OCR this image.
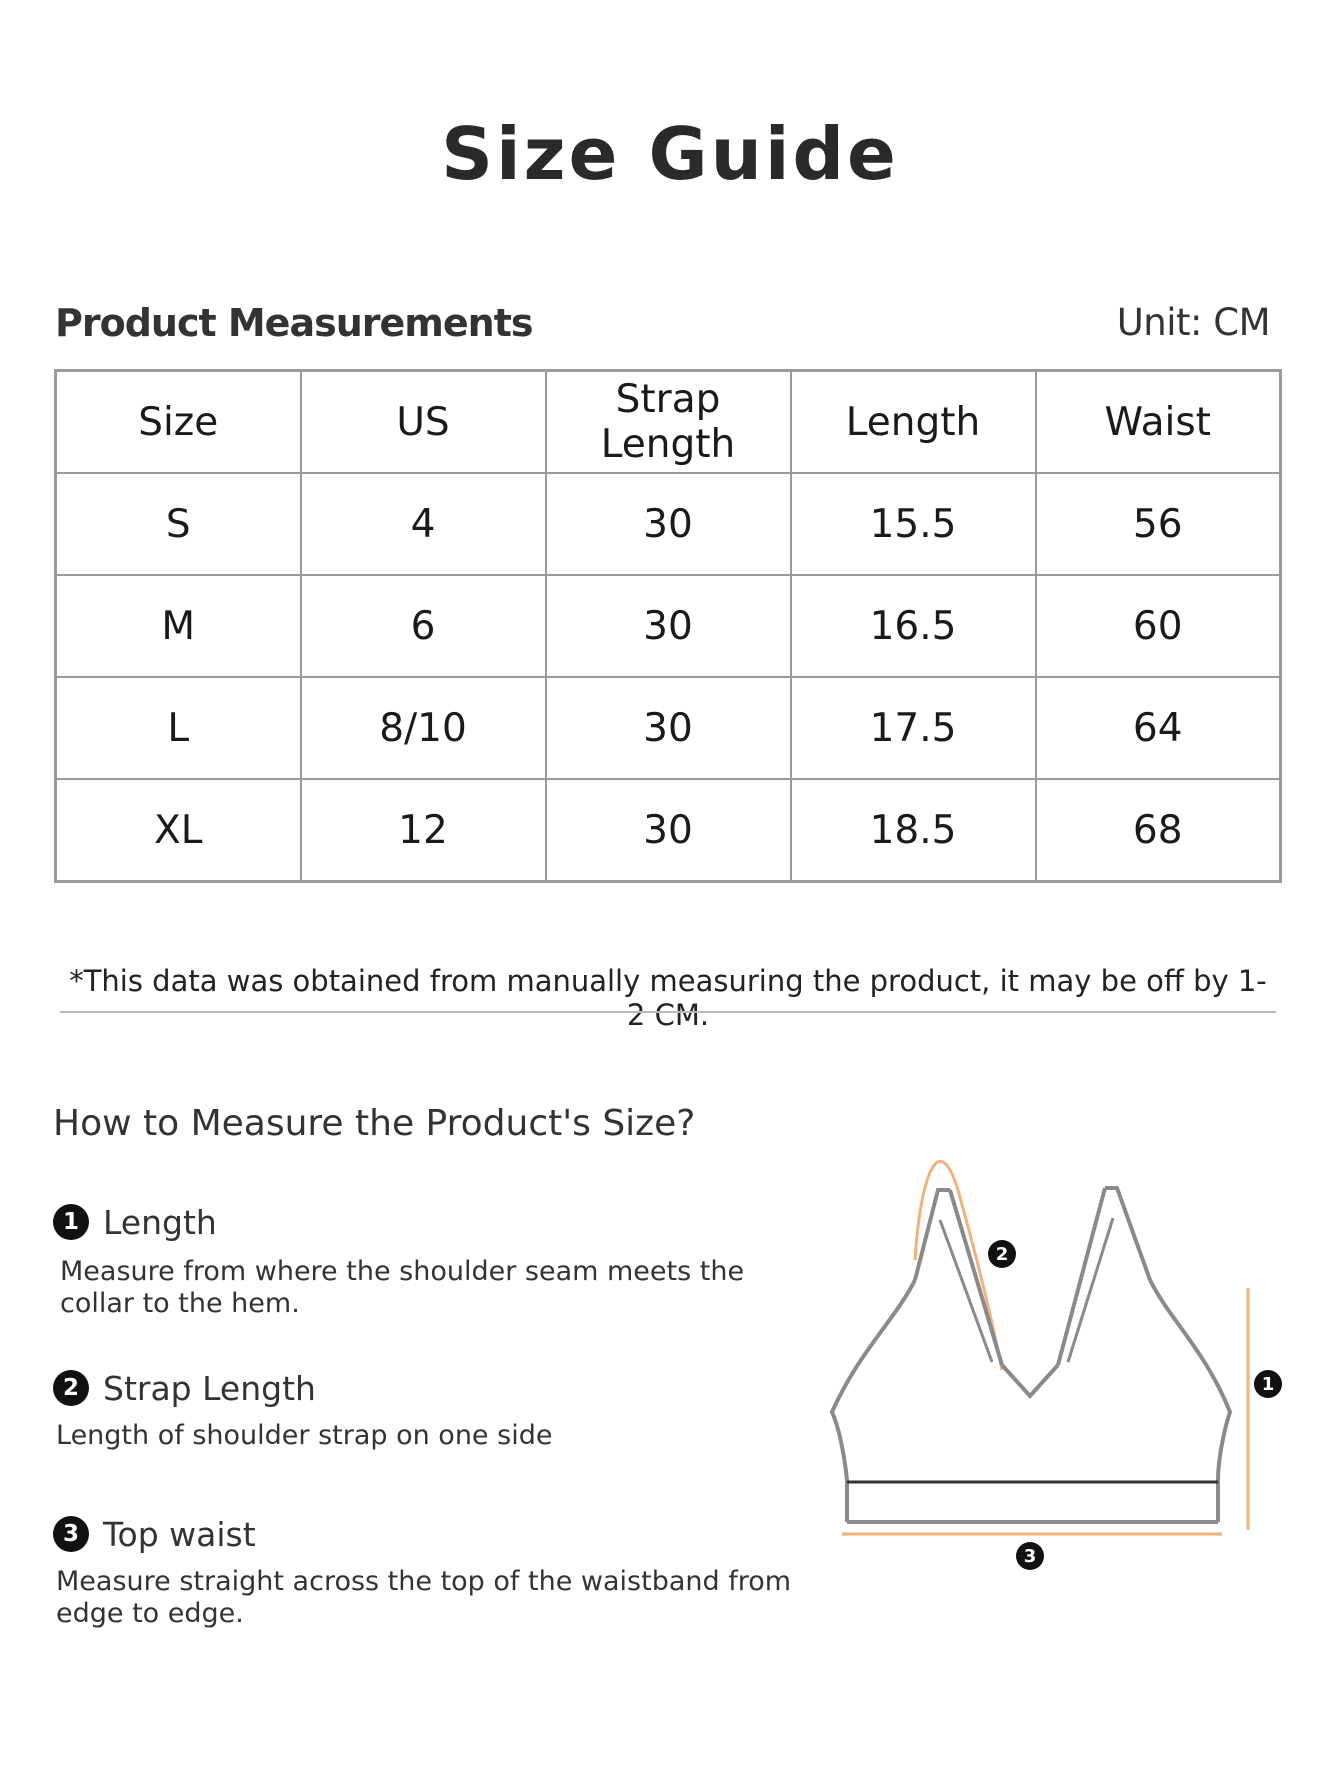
Size Guide
Product Measurements	Unit: CM
Size	US	Strap Length	Length	Waist
S	4	30	15.5	56
M	6	30	16.5	60
L	8/10	30	17.5	64
XL	12	30	18.5	68
*This data was obtained from manually measuring the product, it may be off by 1-2 CM.
How to Measure the Product's Size?
1 Length
Measure from where the shoulder seam meets the collar to the hem.
2 Strap Length
Length of shoulder strap on one side
3 Top waist
Measure straight across the top of the waistband from edge to edge.
2
1
3
